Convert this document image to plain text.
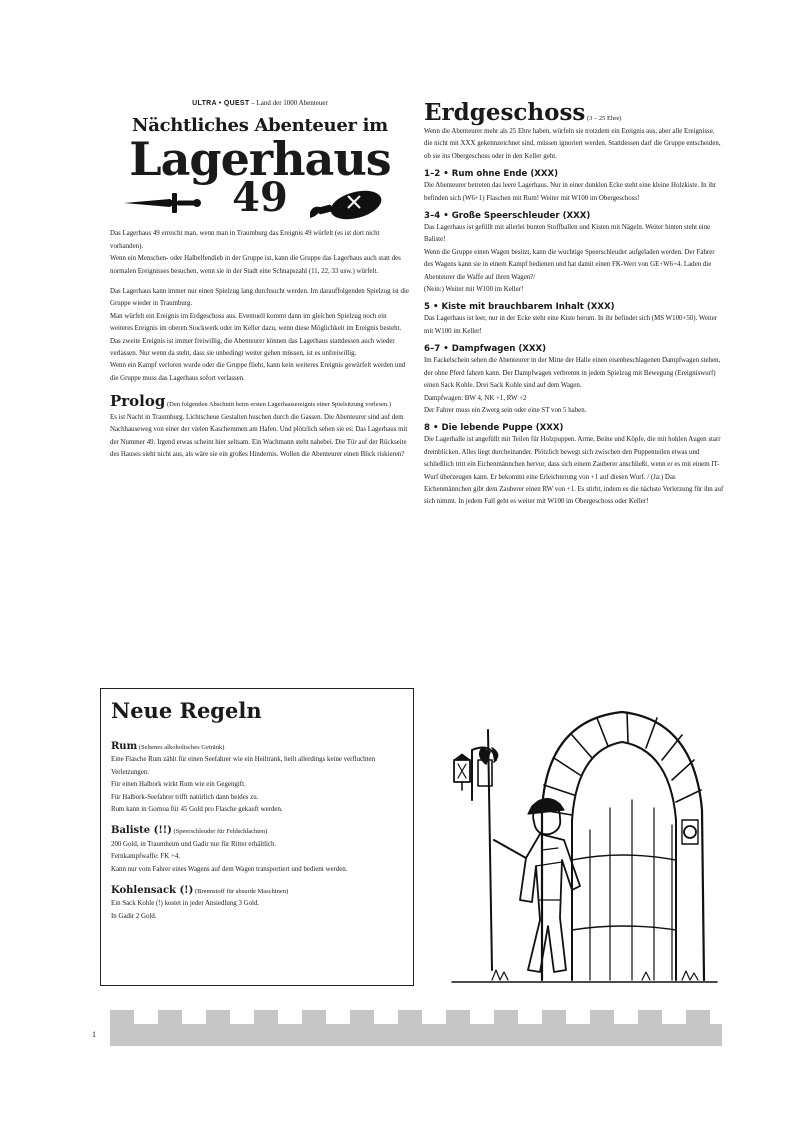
ULTRA • QUEST – Land der 1000 Abenteuer
Nächtliches Abenteuer im
Lagerhaus
49

Das Lagerhaus 49 erreicht man, wenn man in Traumburg das Ereignis 49 würfelt (es ist dort nicht vorhanden).

Wenn ein Menschen- oder Halbelfendieb in der Gruppe ist, kann die Gruppe das Lagerhaus auch statt des normalen Ereignisses besuchen, wenn sie in der Stadt eine Schnapszahl (11, 22, 33 usw.) würfelt.

Das Lagerhaus kann immer nur einen Spielzug lang durchsucht werden. Im darauffolgenden Spielzug ist die Gruppe wieder in Traumburg.

Man würfelt ein Ereignis im Erdgeschoss aus. Eventuell kommt dann im gleichen Spielzug noch ein weiteres Ereignis im oberen Stockwerk oder im Keller dazu, wenn diese Möglichkeit im Ereignis besteht.

Das zweite Ereignis ist immer freiwillig, die Abenteurer können das Lagerhaus stattdessen auch wieder verlassen. Nur wenn da steht, dass sie unbedingt weiter gehen müssen, ist es unfreiwillig.

Wenn ein Kampf verloren wurde oder die Gruppe flieht, kann kein weiteres Ereignis gewürfelt werden und die Gruppe muss das Lagerhaus sofort verlassen.

Prolog (Den folgenden Abschnitt beim ersten Lagerhausereignis einer Spielsitzung vorlesen.)

Es ist Nacht in Traumburg. Lichtscheue Gestalten huschen durch die Gassen. Die Abenteurer sind auf dem Nachhauseweg von einer der vielen Kaschemmen am Hafen. Und plötzlich sehen sie es: Das Lagerhaus mit der Nummer 49. Irgend etwas scheint hier seltsam. Ein Wachmann steht nahebei. Die Tür auf der Rückseite des Hauses sieht nicht aus, als wäre sie ein großes Hindernis. Wollen die Abenteurer einen Blick riskieren?

Erdgeschoss (3 – 25 Ehre)

Wenn die Abenteurer mehr als 25 Ehre haben, würfeln sie trotzdem ein Ereignis aus, aber alle Ereignisse, die nicht mit XXX gekennzeichnet sind, müssen ignoriert werden. Stattdessen darf die Gruppe entscheiden, ob sie ins Obergeschoss oder in den Keller geht.

1–2 • Rum ohne Ende (XXX)

Die Abenteurer betreten das leere Lagerhaus. Nur in einer dunklen Ecke steht eine kleine Holzkiste. In ihr befinden sich (W6+1) Flaschen mit Rum! Weiter mit W100 im Obergeschoss!

3–4 • Große Speerschleuder (XXX)

Das Lagerhaus ist gefüllt mit allerlei bunten Stoffballen und Kisten mit Nägeln. Weiter hinten steht eine Baliste!

Wenn die Gruppe einen Wagen besitzt, kann die wuchtige Speerschleuder aufgeladen werden. Der Fahrer des Wagens kann sie in einem Kampf bedienen und hat damit einen FK-Wert von GE+W6+4. Laden die Abenteurer die Waffe auf ihren Wagen?/

(Nein:) Weiter mit W100 im Keller!

5 • Kiste mit brauchbarem Inhalt (XXX)

Das Lagerhaus ist leer, nur in der Ecke steht eine Kiste herum. In ihr befindet sich (MS W100+50). Weiter mit W100 im Keller!

6–7 • Dampfwagen (XXX)

Im Fackelschein sehen die Abenteurer in der Mitte der Halle einen eisenbeschlagenen Dampfwagen stehen, der ohne Pferd fahren kann. Der Dampfwagen verbrennt in jedem Spielzug mit Bewegung (Ereigniswurf) einen Sack Kohle. Drei Sack Kohle sind auf dem Wagen.

Dampfwagen: BW 4, NK +1, RW +2

Der Fahrer muss ein Zwerg sein oder eine ST von 5 haben.

8 • Die lebende Puppe (XXX)

Die Lagerhalle ist angefüllt mit Teilen für Holzpuppen. Arme, Beine und Köpfe, die mit hohlen Augen starr dreinblicken. Alles liegt durcheinander. Plötzlich bewegt sich zwischen den Puppenteilen etwas und schließlich tritt ein Eichenmännchen hervor, dass sich einem Zauberer anschließt, wenn er es mit einem IT-Wurf überzeugen kann. Er bekommt eine Erleichterung von +1 auf diesen Wurf. / (Ja:) Das Eichenmännchen gibt dem Zauberer einen RW von +1. Es stirbt, indem es die nächste Verletzung für ihn auf sich nimmt. In jedem Fall geht es weiter mit W100 im Obergeschoss oder Keller!

Neue Regeln

Rum (Seltenes alkoholisches Getränk)

Eine Flasche Rum zählt für einen Seefahrer wie ein Heiltrank, heilt allerdings keine verfluchten Verletzungen.

Für einen Halbork wirkt Rum wie ein Gegengift.

Für Halbork-Seefahrer trifft natürlich dann beides zu.

Rum kann in Gornoa für 45 Gold pro Flasche gekauft werden.

Baliste (!!) (Speerschleuder für Feldschlachten)

200 Gold, in Traumheim und Gadir nur für Ritter erhältlich.

Fernkampfwaffe: FK +4.

Kann nur vom Fahrer eines Wagens auf dem Wagen transportiert und bedient werden.

Kohlensack (!) (Brennstoff für absurde Maschinen)

Ein Sack Kohle (!) kostet in jeder Ansiedlung 3 Gold.

In Gadir 2 Gold.

1
